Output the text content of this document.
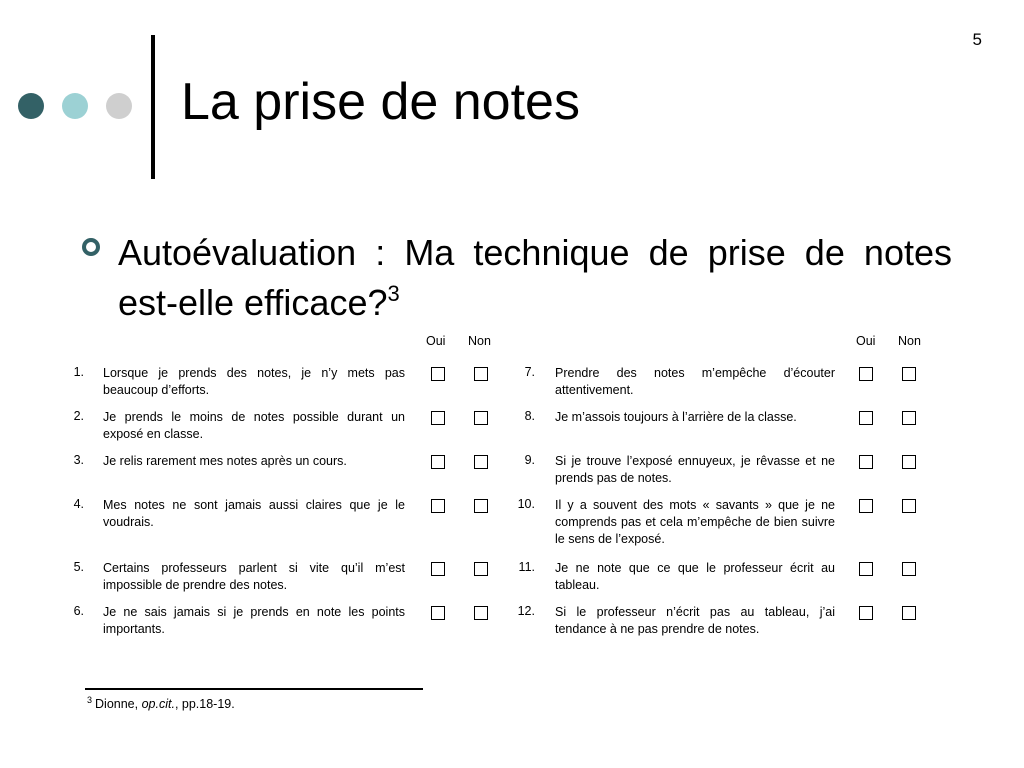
5
La prise de notes
Autoévaluation : Ma technique de prise de notes est-elle efficace?$^3$
Oui Non
1. Lorsque je prends des notes, je n’y mets pas beaucoup d’efforts.
2. Je prends le moins de notes possible durant un exposé en classe.
3. Je relis rarement mes notes après un cours.
4. Mes notes ne sont jamais aussi claires que je le voudrais.
5. Certains professeurs parlent si vite qu’il m’est impossible de prendre des notes.
6. Je ne sais jamais si je prends en note les points importants.
Oui Non
7. Prendre des notes m’empêche d’écouter attentivement.
8. Je m’assois toujours à l’arrière de la classe.
9. Si je trouve l’exposé ennuyeux, je rêvasse et ne prends pas de notes.
10. Il y a souvent des mots « savants » que je ne comprends pas et cela m’empêche de bien suivre le sens de l’exposé.
11. Je ne note que ce que le professeur écrit au tableau.
12. Si le professeur n’écrit pas au tableau, j’ai tendance à ne pas prendre de notes.
$^3$ Dionne, op.cit., pp.18-19.
